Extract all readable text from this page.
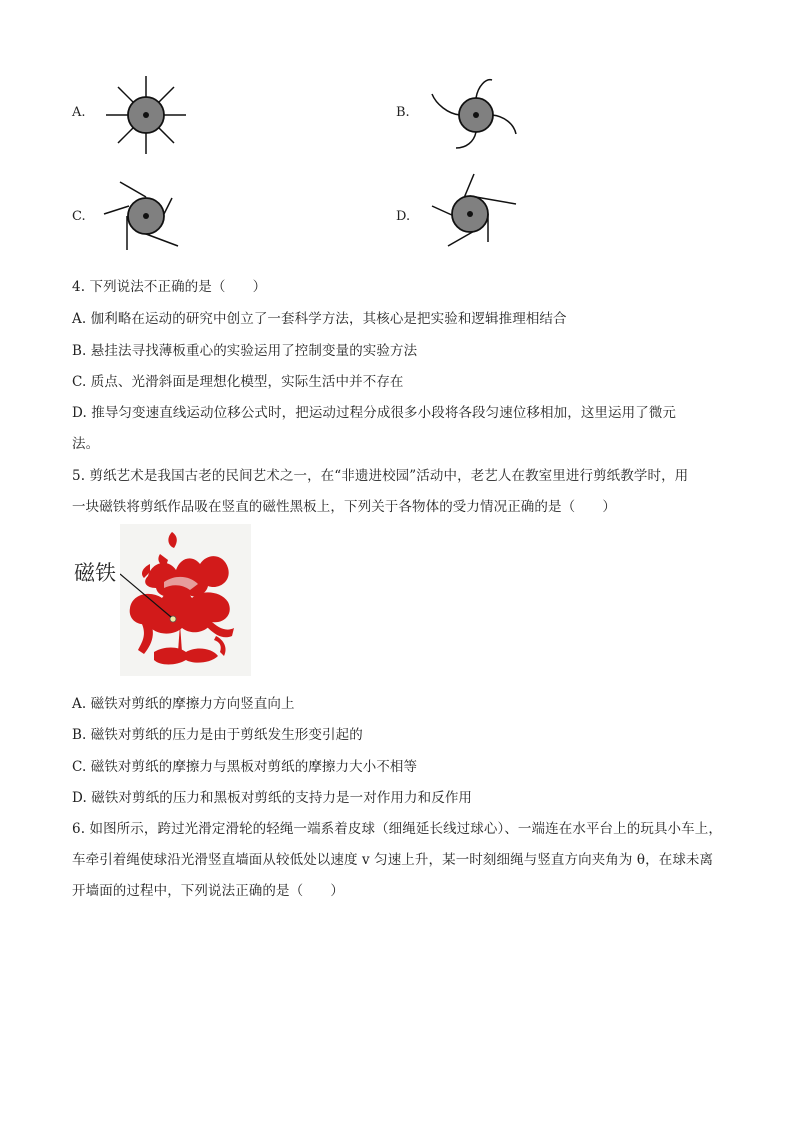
A.	B.
C.	D.
4. 下列说法不正确的是（　　）
A. 伽利略在运动的研究中创立了一套科学方法，其核心是把实验和逻辑推理相结合
B. 悬挂法寻找薄板重心的实验运用了控制变量的实验方法
C. 质点、光滑斜面是理想化模型，实际生活中并不存在
D. 推导匀变速直线运动位移公式时，把运动过程分成很多小段将各段匀速位移相加，这里运用了微元
法。
5. 剪纸艺术是我国古老的民间艺术之一，在“非遗进校园”活动中，老艺人在教室里进行剪纸教学时，用
一块磁铁将剪纸作品吸在竖直的磁性黑板上，下列关于各物体的受力情况正确的是（　　）
磁铁
A. 磁铁对剪纸的摩擦力方向竖直向上
B. 磁铁对剪纸的压力是由于剪纸发生形变引起的
C. 磁铁对剪纸的摩擦力与黑板对剪纸的摩擦力大小不相等
D. 磁铁对剪纸的压力和黑板对剪纸的支持力是一对作用力和反作用
6. 如图所示，跨过光滑定滑轮的轻绳一端系着皮球（细绳延长线过球心）、一端连在水平台上的玩具小车上，
车牵引着绳使球沿光滑竖直墙面从较低处以速度 v 匀速上升，某一时刻细绳与竖直方向夹角为 θ，在球未离
开墙面的过程中，下列说法正确的是（　　）
